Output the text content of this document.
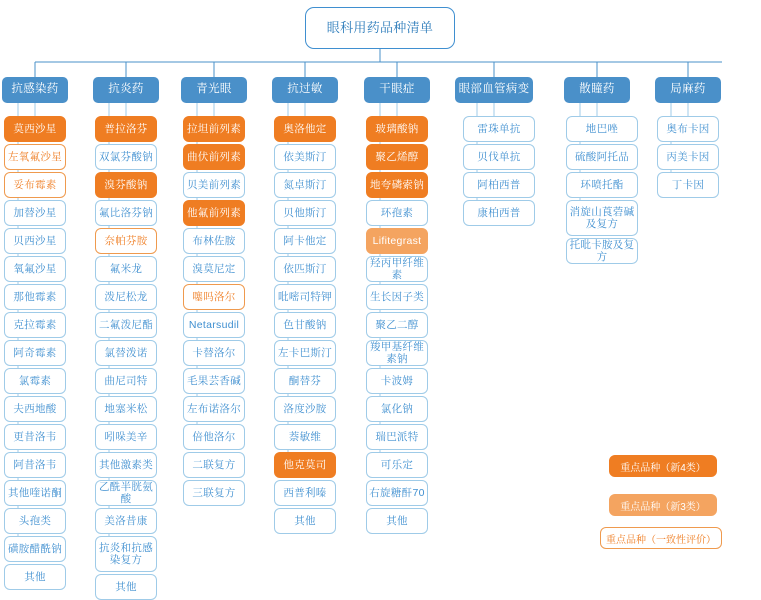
眼科用药品种清单
抗感染药
莫西沙星
左氧氟沙星
妥布霉素
加替沙星
贝西沙星
氧氟沙星
那他霉素
克拉霉素
阿奇霉素
氯霉素
夫西地酸
更昔洛韦
阿昔洛韦
其他喹诺酮
头孢类
磺胺醋酰钠
其他
抗炎药
普拉洛芬
双氯芬酸钠
溴芬酸钠
氟比洛芬钠
奈帕芬胺
氟米龙
泼尼松龙
二氟泼尼酯
氯替泼诺
曲尼司特
地塞米松
吲哚美辛
其他激素类
乙酰半胱氨酸
美洛昔康
抗炎和抗感染复方
其他
青光眼
拉坦前列素
曲伏前列素
贝美前列素
他氟前列素
布林佐胺
溴莫尼定
噻吗洛尔
Netarsudil
卡替洛尔
毛果芸香碱
左布诺洛尔
倍他洛尔
二联复方
三联复方
抗过敏
奥洛他定
依美斯汀
氮卓斯汀
贝他斯汀
阿卡他定
依匹斯汀
吡嘧司特钾
色甘酸钠
左卡巴斯汀
酮替芬
洛度沙胺
萘敏维
他克莫司
西普利嗪
其他
干眼症
玻璃酸钠
聚乙烯醇
地夸磷索钠
环孢素
Lifitegrast
羟丙甲纤维素
生长因子类
聚乙二醇
羧甲基纤维素钠
卡波姆
氯化钠
瑞巴派特
可乐定
右旋糖酐70
其他
眼部血管病变
雷珠单抗
贝伐单抗
阿柏西普
康柏西普
散瞳药
地巴唑
硫酸阿托品
环喷托酯
消旋山莨菪碱及复方
托吡卡胺及复方
局麻药
奥布卡因
丙美卡因
丁卡因
重点品种（新4类）
重点品种（新3类）
重点品种（一致性评价）
